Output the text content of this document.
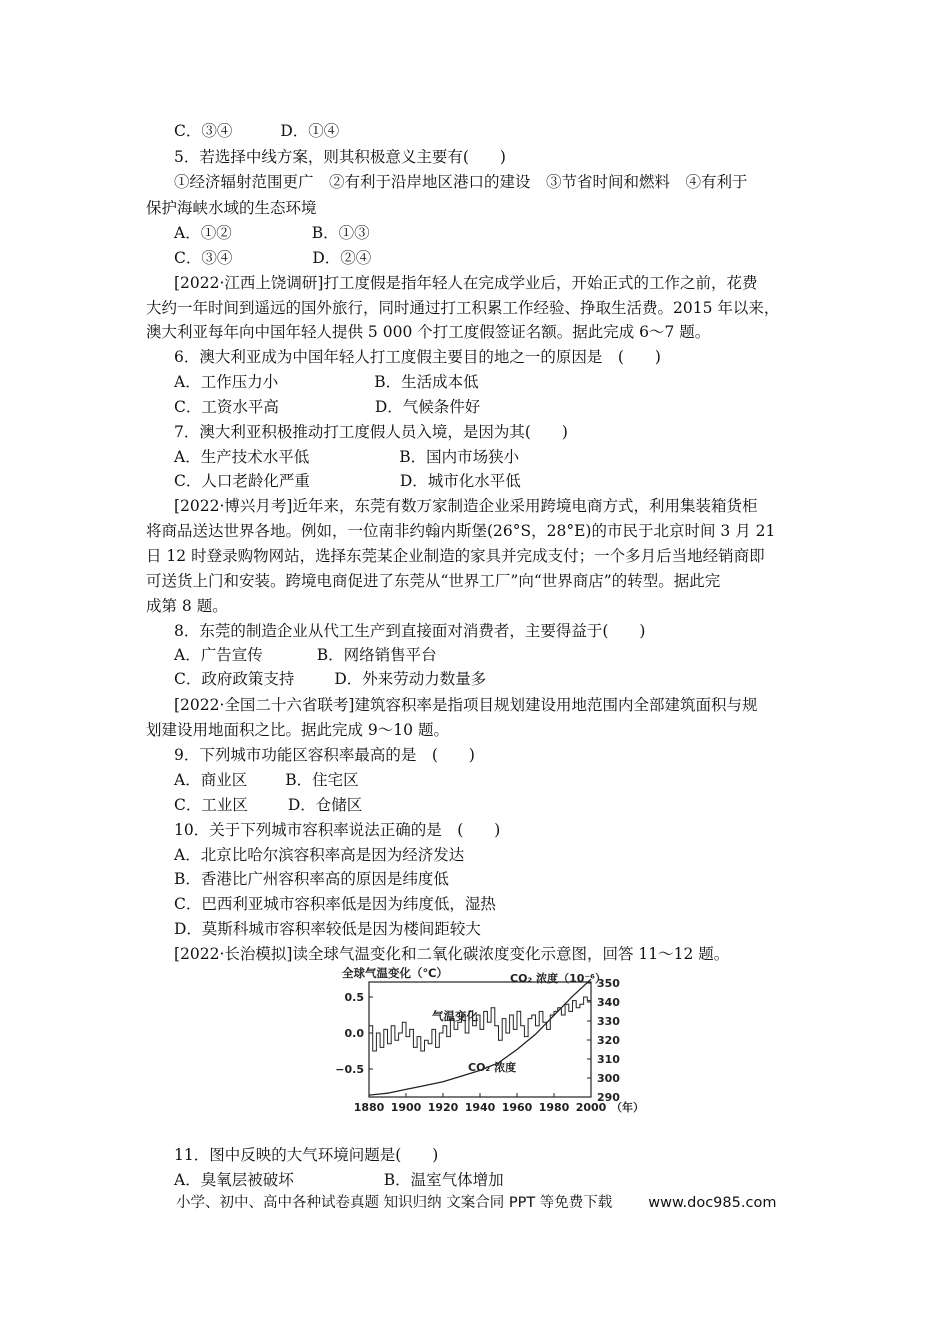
C．③④	D．①④
5．若选择中线方案，则其积极意义主要有(　　)
①经济辐射范围更广　②有利于沿岸地区港口的建设　③节省时间和燃料　④有利于
保护海峡水域的生态环境
A．①②	B．①③
C．③④	D．②④
[2022·江西上饶调研]打工度假是指年轻人在完成学业后，开始正式的工作之前，花费
大约一年时间到遥远的国外旅行，同时通过打工积累工作经验、挣取生活费。2015 年以来，
澳大利亚每年向中国年轻人提供 5 000 个打工度假签证名额。据此完成 6～7 题。
6．澳大利亚成为中国年轻人打工度假主要目的地之一的原因是　(　　)
A．工作压力小	B．生活成本低
C．工资水平高	D．气候条件好
7．澳大利亚积极推动打工度假人员入境，是因为其(　　)
A．生产技术水平低	B．国内市场狭小
C．人口老龄化严重	D．城市化水平低
[2022·博兴月考]近年来，东莞有数万家制造企业采用跨境电商方式，利用集装箱货柜
将商品送达世界各地。例如，一位南非约翰内斯堡(26°S，28°E)的市民于北京时间 3 月 21
日 12 时登录购物网站，选择东莞某企业制造的家具并完成支付；一个多月后当地经销商即
可送货上门和安装。跨境电商促进了东莞从“世界工厂”向“世界商店”的转型。据此完
成第 8 题。
8．东莞的制造企业从代工生产到直接面对消费者，主要得益于(　　)
A．广告宣传	B．网络销售平台
C．政府政策支持	D．外来劳动力数量多
[2022·全国二十六省联考]建筑容积率是指项目规划建设用地范围内全部建筑面积与规
划建设用地面积之比。据此完成 9～10 题。
9．下列城市功能区容积率最高的是　(　　)
A．商业区 B．住宅区
C．工业区	D．仓储区
10．关于下列城市容积率说法正确的是　(　　)
A．北京比哈尔滨容积率高是因为经济发达
B．香港比广州容积率高的原因是纬度低
C．巴西利亚城市容积率低是因为纬度低，湿热
D．莫斯科城市容积率较低是因为楼间距较大
[2022·长治模拟]读全球气温变化和二氧化碳浓度变化示意图，回答 11～12 题。
11．图中反映的大气环境问题是(　　)
A．臭氧层被破坏	B．温室气体增加
1880 1900 1920 1940 1960 1980 2000 （年）
0.5
0.0
−0.5
350
340
330
320
310
300
290
全球气温变化（℃）	CO₂ 浓度（10⁻⁶）
气温变化
CO₂ 浓度
小学、初中、高中各种试卷真题 知识归纳 文案合同 PPT 等免费下载 www.doc985.com
